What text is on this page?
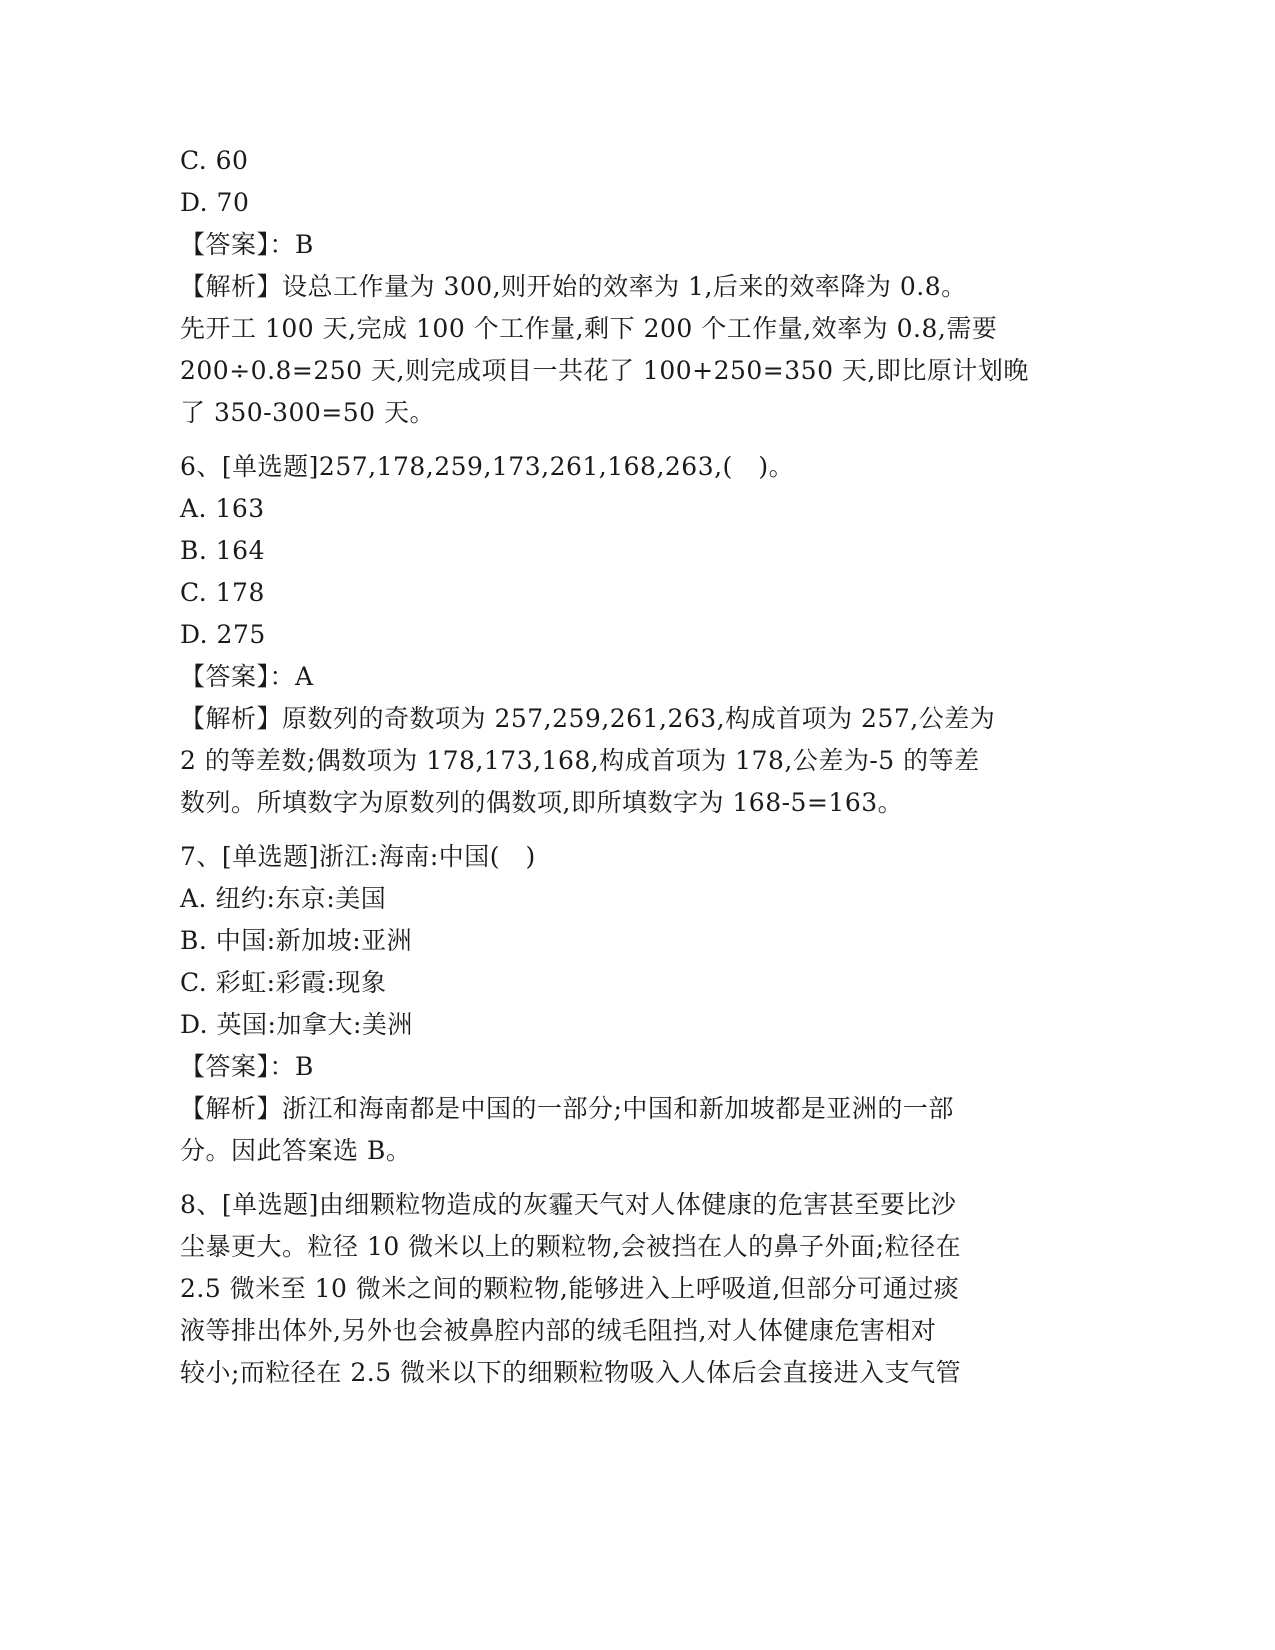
C. 60
D. 70
【答案】：B
【解析】设总工作量为 300,则开始的效率为 1,后来的效率降为 0.8。
先开工 100 天,完成 100 个工作量,剩下 200 个工作量,效率为 0.8,需要
200÷0.8=250 天,则完成项目一共花了 100+250=350 天,即比原计划晚
了 350-300=50 天。
6、[单选题]257,178,259,173,261,168,263,(　)。
A. 163
B. 164
C. 178
D. 275
【答案】：A
【解析】原数列的奇数项为 257,259,261,263,构成首项为 257,公差为
2 的等差数;偶数项为 178,173,168,构成首项为 178,公差为-5 的等差
数列。所填数字为原数列的偶数项,即所填数字为 168-5=163。
7、[单选题]浙江:海南:中国(　)
A. 纽约:东京:美国
B. 中国:新加坡:亚洲
C. 彩虹:彩霞:现象
D. 英国:加拿大:美洲
【答案】：B
【解析】浙江和海南都是中国的一部分;中国和新加坡都是亚洲的一部
分。因此答案选 B。
8、[单选题]由细颗粒物造成的灰霾天气对人体健康的危害甚至要比沙
尘暴更大。粒径 10 微米以上的颗粒物,会被挡在人的鼻子外面;粒径在
2.5 微米至 10 微米之间的颗粒物,能够进入上呼吸道,但部分可通过痰
液等排出体外,另外也会被鼻腔内部的绒毛阻挡,对人体健康危害相对
较小;而粒径在 2.5 微米以下的细颗粒物吸入人体后会直接进入支气管
